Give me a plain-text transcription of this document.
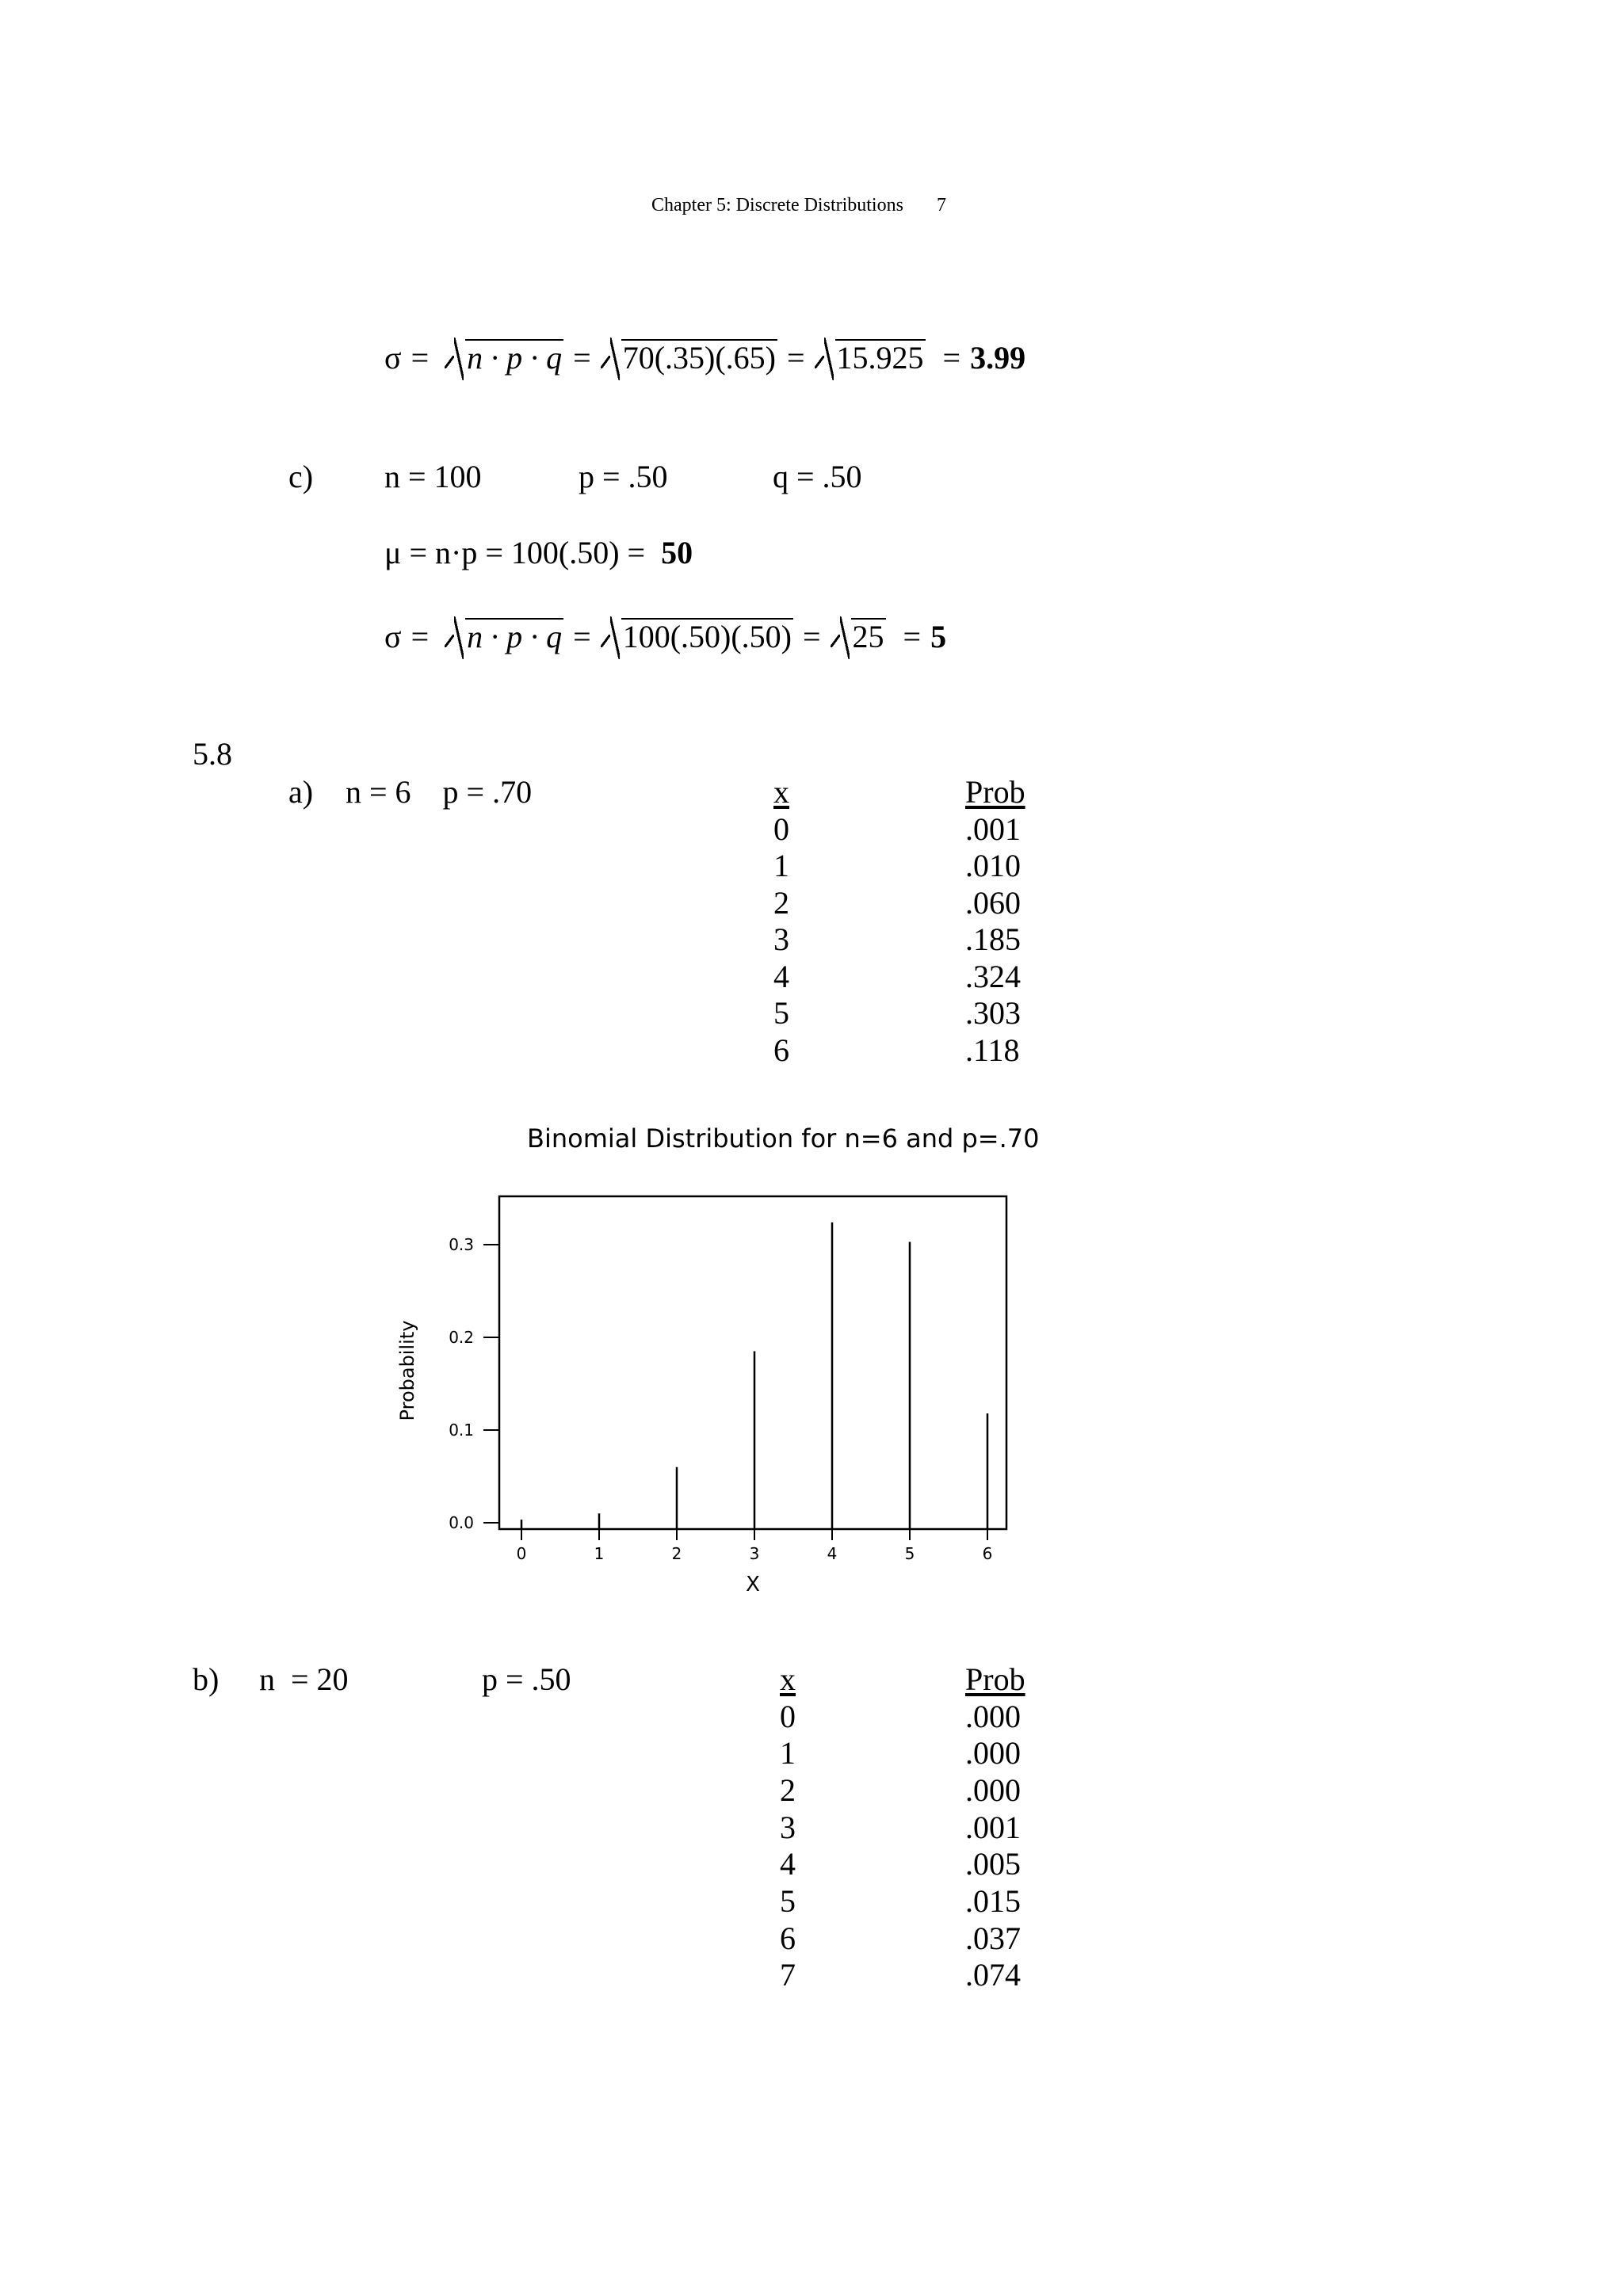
Chapter 5: Discrete Distributions 7
σ =	n · p · q =	70(.35)(.65) =	15.925 = 3.99
c) n = 100	p = .50	q = .50
μ = n·p = 100(.50) = 50
σ =	n · p · q =	100(.50)(.50) =	25 = 5
5.8
a) n = 6    p = .70	x	Prob
0	.001
1	.010
2	.060
3	.185
4	.324
5	.303
6	.118
Binomial Distribution for n=6 and p=.70
0.0
0.1
0.2
0.3
0	1	2	3	4	5	6
Probability
X
b) n  = 20	p = .50	x	Prob
0	.000
1	.000
2	.000
3	.001
4	.005
5	.015
6	.037
7	.074
